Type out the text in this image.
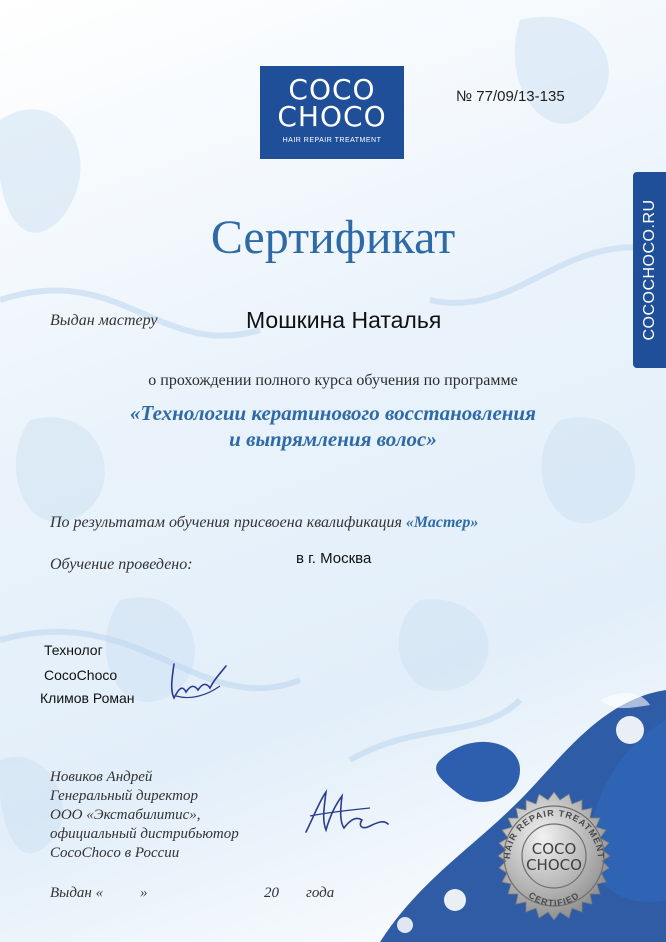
COCO
CHOCO
HAIR REPAIR TREATMENT
№ 77/09/13-135
COCOCHOCO.RU
Сертификат
Выдан мастеру	Мошкина Наталья
о прохождении полного курса обучения по программе
«Технологии кератинового восстановления
и выпрямления волос»
По результатам обучения присвоена квалификация «Мастер»
Обучение проведено:	в г. Москва
Технолог
CocoChoco
Климов Роман
Новиков Андрей
Генеральный директор
ООО «Экстабилитис»,
официальный дистрибьютор
CocoChoco в России
Выдан « »	20 года
HAIR REPAIR TREATMENT
CERTIFIED
COCO
CHOCO
